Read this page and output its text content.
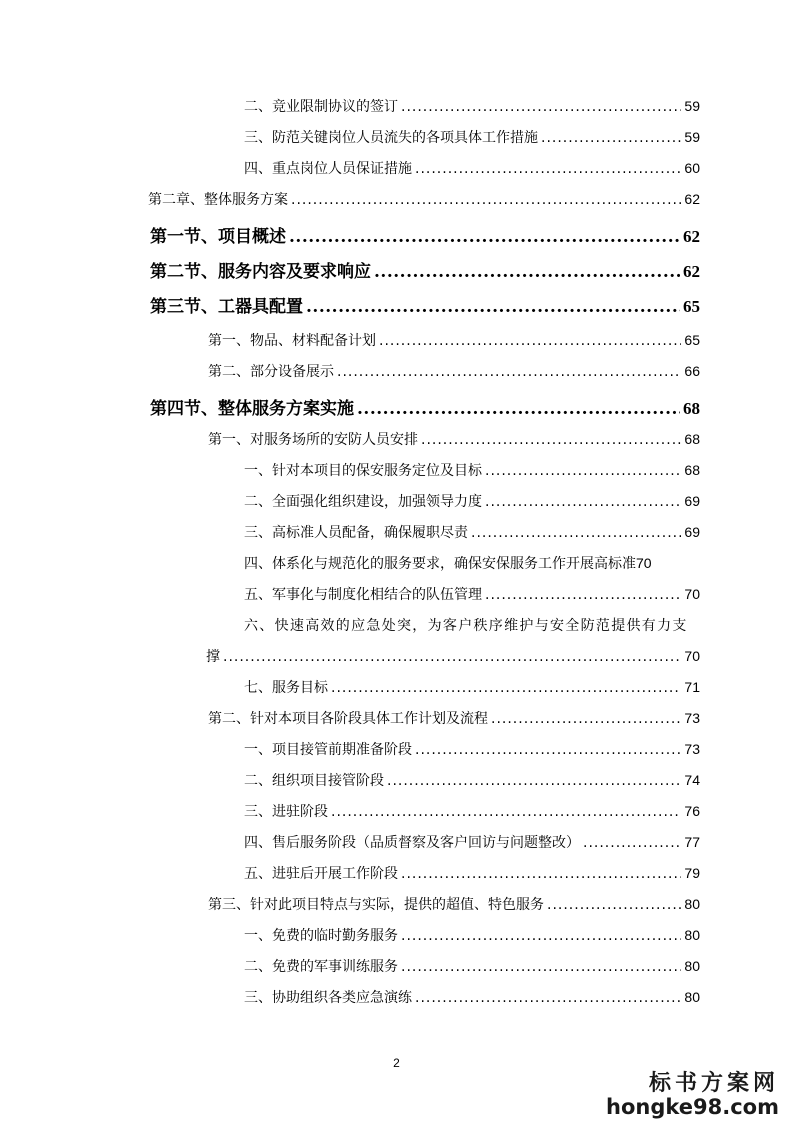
二、竞业限制协议的签订 .....	59
三、防范关键岗位人员流失的各项具体工作措施 .....	59
四、重点岗位人员保证措施 .....	60
第二章、整体服务方案 .....	62
第一节、项目概述 .....	62
第二节、服务内容及要求响应 .....	62
第三节、工器具配置 .....	65
第一、物品、材料配备计划 .....	65
第二、部分设备展示 .....	66
第四节、整体服务方案实施 .....	68
第一、对服务场所的安防人员安排 .....	68
一、针对本项目的保安服务定位及目标 .....	68
二、全面强化组织建设，加强领导力度 .....	69
三、高标准人员配备，确保履职尽责 .....	69
四、体系化与规范化的服务要求，确保安保服务工作开展高标准 70
五、军事化与制度化相结合的队伍管理 .....	70
六、快速高效的应急处突，为客户秩序维护与安全防范提供有力支
撑 .....	70
七、服务目标 .....	71
第二、针对本项目各阶段具体工作计划及流程 .....	73
一、项目接管前期准备阶段 .....	73
二、组织项目接管阶段 .....	74
三、进驻阶段 .....	76
四、售后服务阶段（品质督察及客户回访与问题整改） .....	77
五、进驻后开展工作阶段 .....	79
第三、针对此项目特点与实际，提供的超值、特色服务 .....	80
一、免费的临时勤务服务 .....	80
二、免费的军事训练服务 .....	80
三、协助组织各类应急演练 .....	80
2
标书方案网
hongke98.com
